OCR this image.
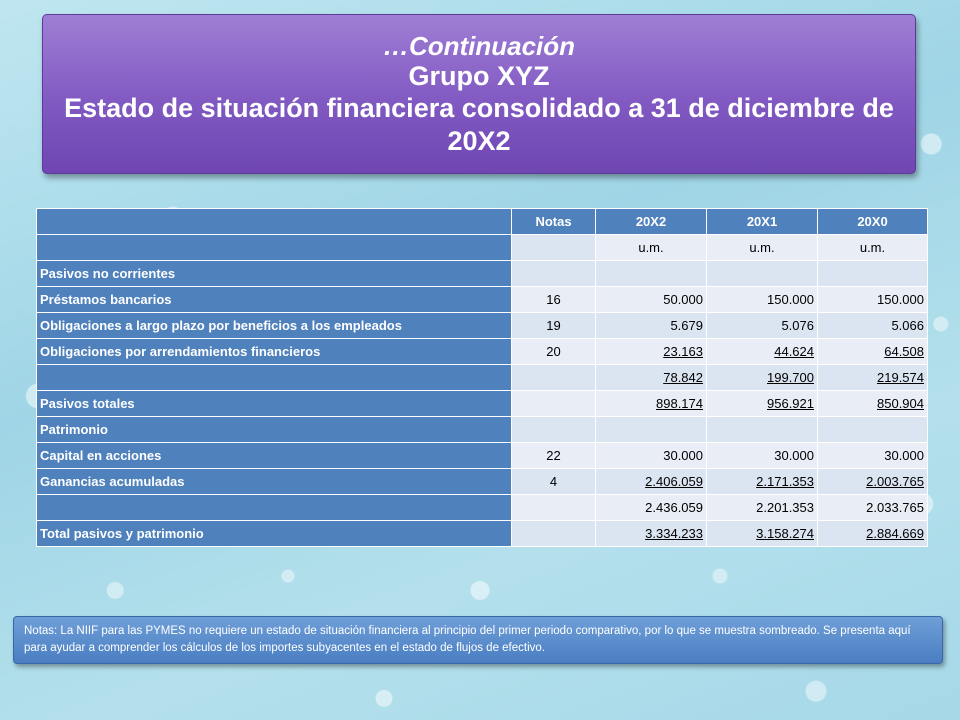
…Continuación
Grupo XYZ
Estado de situación financiera consolidado a 31 de diciembre de 20X2
	Notas	20X2	20X1	20X0
		u.m.	u.m.	u.m.
Pasivos no corrientes				
Préstamos bancarios	16	50.000	150.000	150.000
Obligaciones a largo plazo por beneficios a los empleados	19	5.679	5.076	5.066
Obligaciones por arrendamientos financieros	20	23.163	44.624	64.508
		78.842	199.700	219.574
Pasivos totales		898.174	956.921	850.904
Patrimonio				
Capital en acciones	22	30.000	30.000	30.000
Ganancias acumuladas	4	2.406.059	2.171.353	2.003.765
		2.436.059	2.201.353	2.033.765
Total pasivos y patrimonio		3.334.233	3.158.274	2.884.669
Notas: La NIIF para las PYMES no requiere un estado de situación financiera al principio del primer periodo comparativo, por lo que se muestra sombreado. Se presenta aquí para ayudar a comprender los cálculos de los importes subyacentes en el estado de flujos de efectivo.
